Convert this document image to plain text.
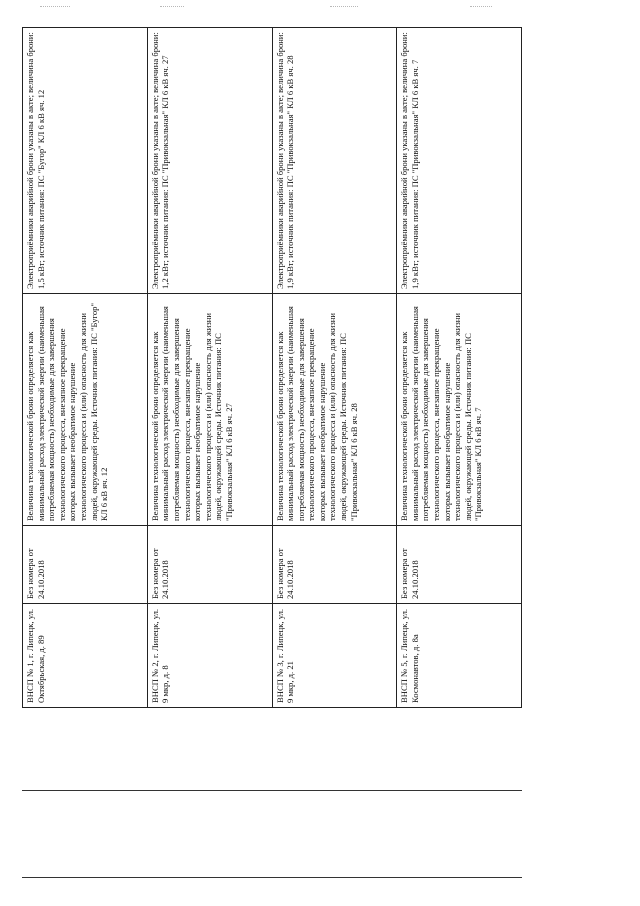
ВНСП № 1, г. Липецк, ул. Октябрьская, д. 89	Без номера от 24.10.2018	Величина технологической брони определяется как минимальный расход электрической энергии (наименьшая потребляемая мощность) необходимые для завершения технологического процесса, внезапное прекращение которых вызывает необратимое нарушение технологического процесса и (или) опасность для жизни людей, окружающей среды. Источник питания: ПС "Бугор" КЛ 6 кВ яч. 12	Электроприёмники аварийной брони указаны в акте; величина брони: 1,5 кВт; источник питания: ПС "Бугор" КЛ 6 кВ яч. 12
ВНСП № 2, г. Липецк, ул. 9 мкр, д. 8	Без номера от 24.10.2018	Величина технологической брони определяется как минимальный расход электрической энергии (наименьшая потребляемая мощность) необходимые для завершения технологического процесса, внезапное прекращение которых вызывает необратимое нарушение технологического процесса и (или) опасность для жизни людей, окружающей среды. Источник питания: ПС "Привокзальная" КЛ 6 кВ яч. 27	Электроприёмники аварийной брони указаны в акте; величина брони: 1,2 кВт; источник питания: ПС "Привокзальная" КЛ 6 кВ яч. 27
ВНСП № 3, г. Липецк, ул. 9 мкр, д. 21	Без номера от 24.10.2018	Величина технологической брони определяется как минимальный расход электрической энергии (наименьшая потребляемая мощность) необходимые для завершения технологического процесса, внезапное прекращение которых вызывает необратимое нарушение технологического процесса и (или) опасность для жизни людей, окружающей среды. Источник питания: ПС "Привокзальная" КЛ 6 кВ яч. 28	Электроприёмники аварийной брони указаны в акте; величина брони: 1,9 кВт; источник питания: ПС "Привокзальная" КЛ 6 кВ яч. 28
ВНСП № 5, г. Липецк, ул. Космонавтов, д. 8а	Без номера от 24.10.2018	Величина технологической брони определяется как минимальный расход электрической энергии (наименьшая потребляемая мощность) необходимые для завершения технологического процесса, внезапное прекращение которых вызывает необратимое нарушение технологического процесса и (или) опасность для жизни людей, окружающей среды. Источник питания: ПС "Привокзальная" КЛ 6 кВ яч. 7	Электроприёмники аварийной брони указаны в акте; величина брони: 1,9 кВт; источник питания: ПС "Привокзальная" КЛ 6 кВ яч. 7
